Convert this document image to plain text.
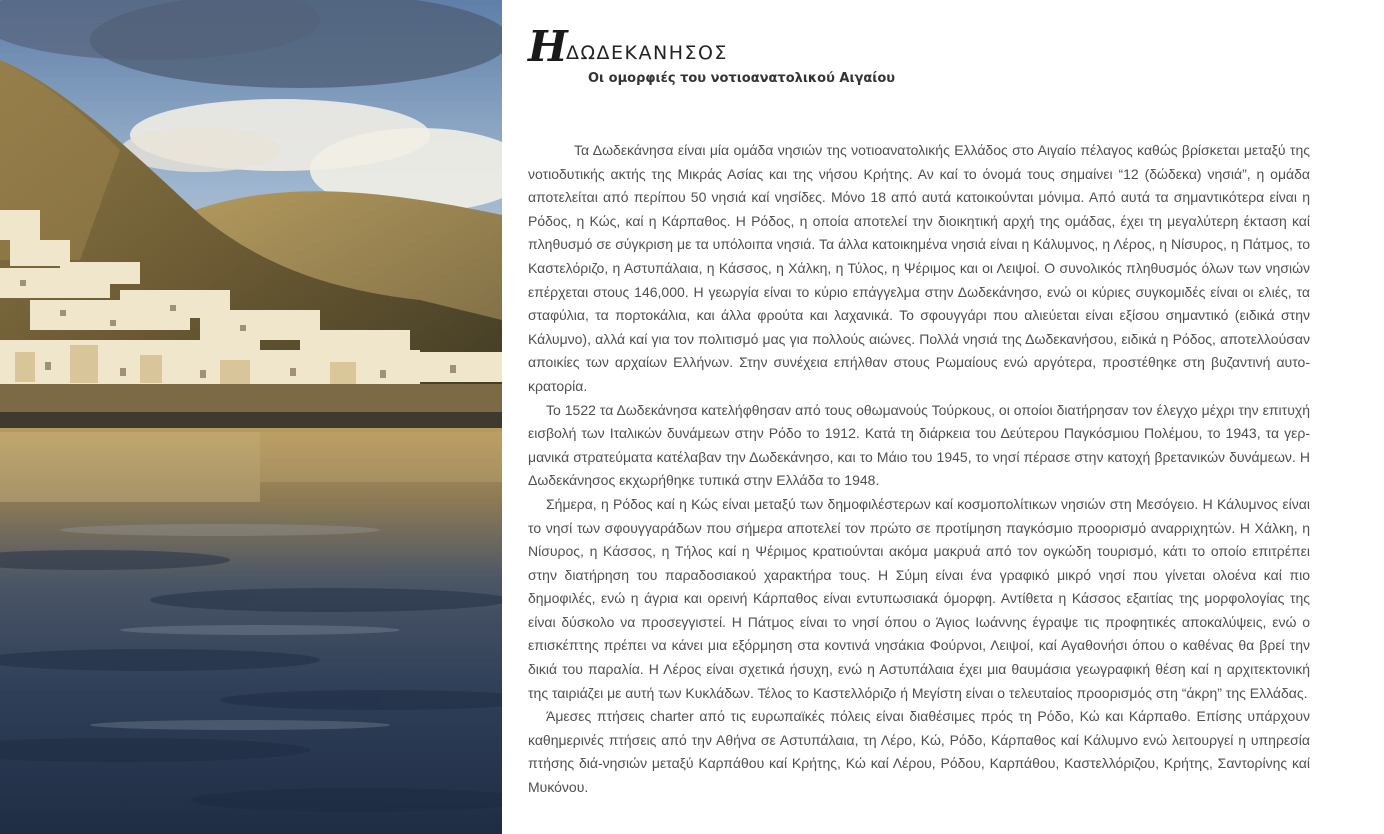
Η ΔΩΔΕΚΑΝΗΣΟΣ
Οι ομορφιές του νοτιοανατολικού Αιγαίου

Τα Δωδεκάνησα είναι μία ομάδα νησιών της νοτιοανατολικής Ελλάδος στο Αιγαίο πέλαγος καθώς βρίσκεται μεταξύ της νοτιοδυτικής ακτής της Μικράς Ασίας και της νήσου Κρήτης. Αν καί το όνομά τους σημαίνει “12 (δώδεκα) νησιά”, η ομάδα αποτελείται από περίπου 50 νησιά καί νησίδες. Μόνο 18 από αυτά κατοικούνται μόνιμα. Από αυτά τα σημαντικότερα είναι η Ρόδος, η Κώς, καί η Κάρπαθος. Η Ρόδος, η οποία αποτελεί την διοικητική αρχή της ομάδας, έχει τη μεγαλύτερη έκταση καί πληθυσμό σε σύγκριση με τα υπόλοιπα νησιά. Τα άλλα κατοικημένα νησιά είναι η Κάλυμνος, η Λέρος, η Νίσυρος, η Πάτμος, το Καστελόριζο, η Αστυπάλαια, η Κάσσος, η Χάλκη, η Τύλος, η Ψέριμος και οι Λειψοί. Ο συνολικός πληθυσμός όλων των νησιών επέρχεται στους 146,000. Η γεωργία είναι το κύριο επάγγελμα στην Δωδεκάνησο, ενώ οι κύριες συγκομιδές είναι οι ελιές, τα σταφύλια, τα πορτοκάλια, και άλλα φρούτα και λαχανικά. Το σφουγγάρι που αλιεύεται είναι εξίσου σημαντικό (ειδικά στην Κάλυμνο), αλλά καί για τον πολιτισμό μας για πολλούς αιώνες. Πολλά νησιά της Δωδεκανήσου, ειδικά η Ρόδος, αποτελλούσαν αποικίες των αρχαίων Ελλήνων. Στην συνέχεια επήλθαν στους Ρωμαίους ενώ αργότερα, προστέθηκε στη βυζαντινή αυτο-κρατορία.

Το 1522 τα Δωδεκάνησα κατελήφθησαν από τους οθωμανούς Τούρκους, οι οποίοι διατήρησαν τον έλεγχο μέχρι την επιτυχή εισβολή των Ιταλικών δυνάμεων στην Ρόδο το 1912. Κατά τη διάρκεια του Δεύτερου Παγκόσμιου Πολέμου, το 1943, τα γερ-μανικά στρατεύματα κατέλαβαν την Δωδεκάνησο, και το Μάιο του 1945, το νησί πέρασε στην κατοχή βρετανικών δυνάμεων. Η Δωδεκάνησος εκχωρήθηκε τυπικά στην Ελλάδα το 1948.

Σήμερα, η Ρόδος καί η Κώς είναι μεταξύ των δημοφιλέστερων καί κοσμοπολίτικων νησιών στη Μεσόγειο. Η Κάλυμνος είναι το νησί των σφουγγαράδων που σήμερα αποτελεί τον πρώτο σε προτίμηση παγκόσμιο προορισμό αναρριχητών. Η Χάλκη, η Νίσυρος, η Κάσσος, η Τήλος καί η Ψέριμος κρατιούνται ακόμα μακρυά από τον ογκώδη τουρισμό, κάτι το οποίο επιτρέπει στην διατήρηση του παραδοσιακού χαρακτήρα τους. Η Σύμη είναι ένα γραφικό μικρό νησί που γίνεται ολοένα καί πιο δημοφιλές, ενώ η άγρια και ορεινή Κάρπαθος είναι εντυπωσιακά όμορφη. Αντίθετα η Κάσσος εξαιτίας της μορφολογίας της είναι δύσκολο να προσεγγιστεί. Η Πάτμος είναι το νησί όπου ο Άγιος Ιωάννης έγραψε τις προφητικές αποκαλύψεις, ενώ ο επισκέπτης πρέπει να κάνει μια εξόρμηση στα κοντινά νησάκια Φούρνοι, Λειψοί, καί Αγαθονήσι όπου ο καθένας θα βρεί την δικιά του παραλία. Η Λέρος είναι σχετικά ήσυχη, ενώ η Αστυπάλαια έχει μια θαυμάσια γεωγραφική θέση καί η αρχιτεκτονική της ταιριάζει με αυτή των Κυκλάδων. Τέλος το Καστελλόριζο ή Μεγίστη είναι ο τελευταίος προορισμός στη “άκρη” της Ελλάδας.

Άμεσες πτήσεις charter από τις ευρωπαϊκές πόλεις είναι διαθέσιμες πρός τη Ρόδο, Κώ και Κάρπαθο. Επίσης υπάρχουν καθημερινές πτήσεις από την Αθήνα σε Αστυπάλαια, τη Λέρο, Κώ, Ρόδο, Κάρπαθος καί Κάλυμνο ενώ λειτουργεί η υπηρεσία πτήσης διά-νησιών μεταξύ Καρπάθου καί Κρήτης, Κώ καί Λέρου, Ρόδου, Καρπάθου, Καστελλόριζου, Κρήτης, Σαντορίνης καί Μυκόνου.
